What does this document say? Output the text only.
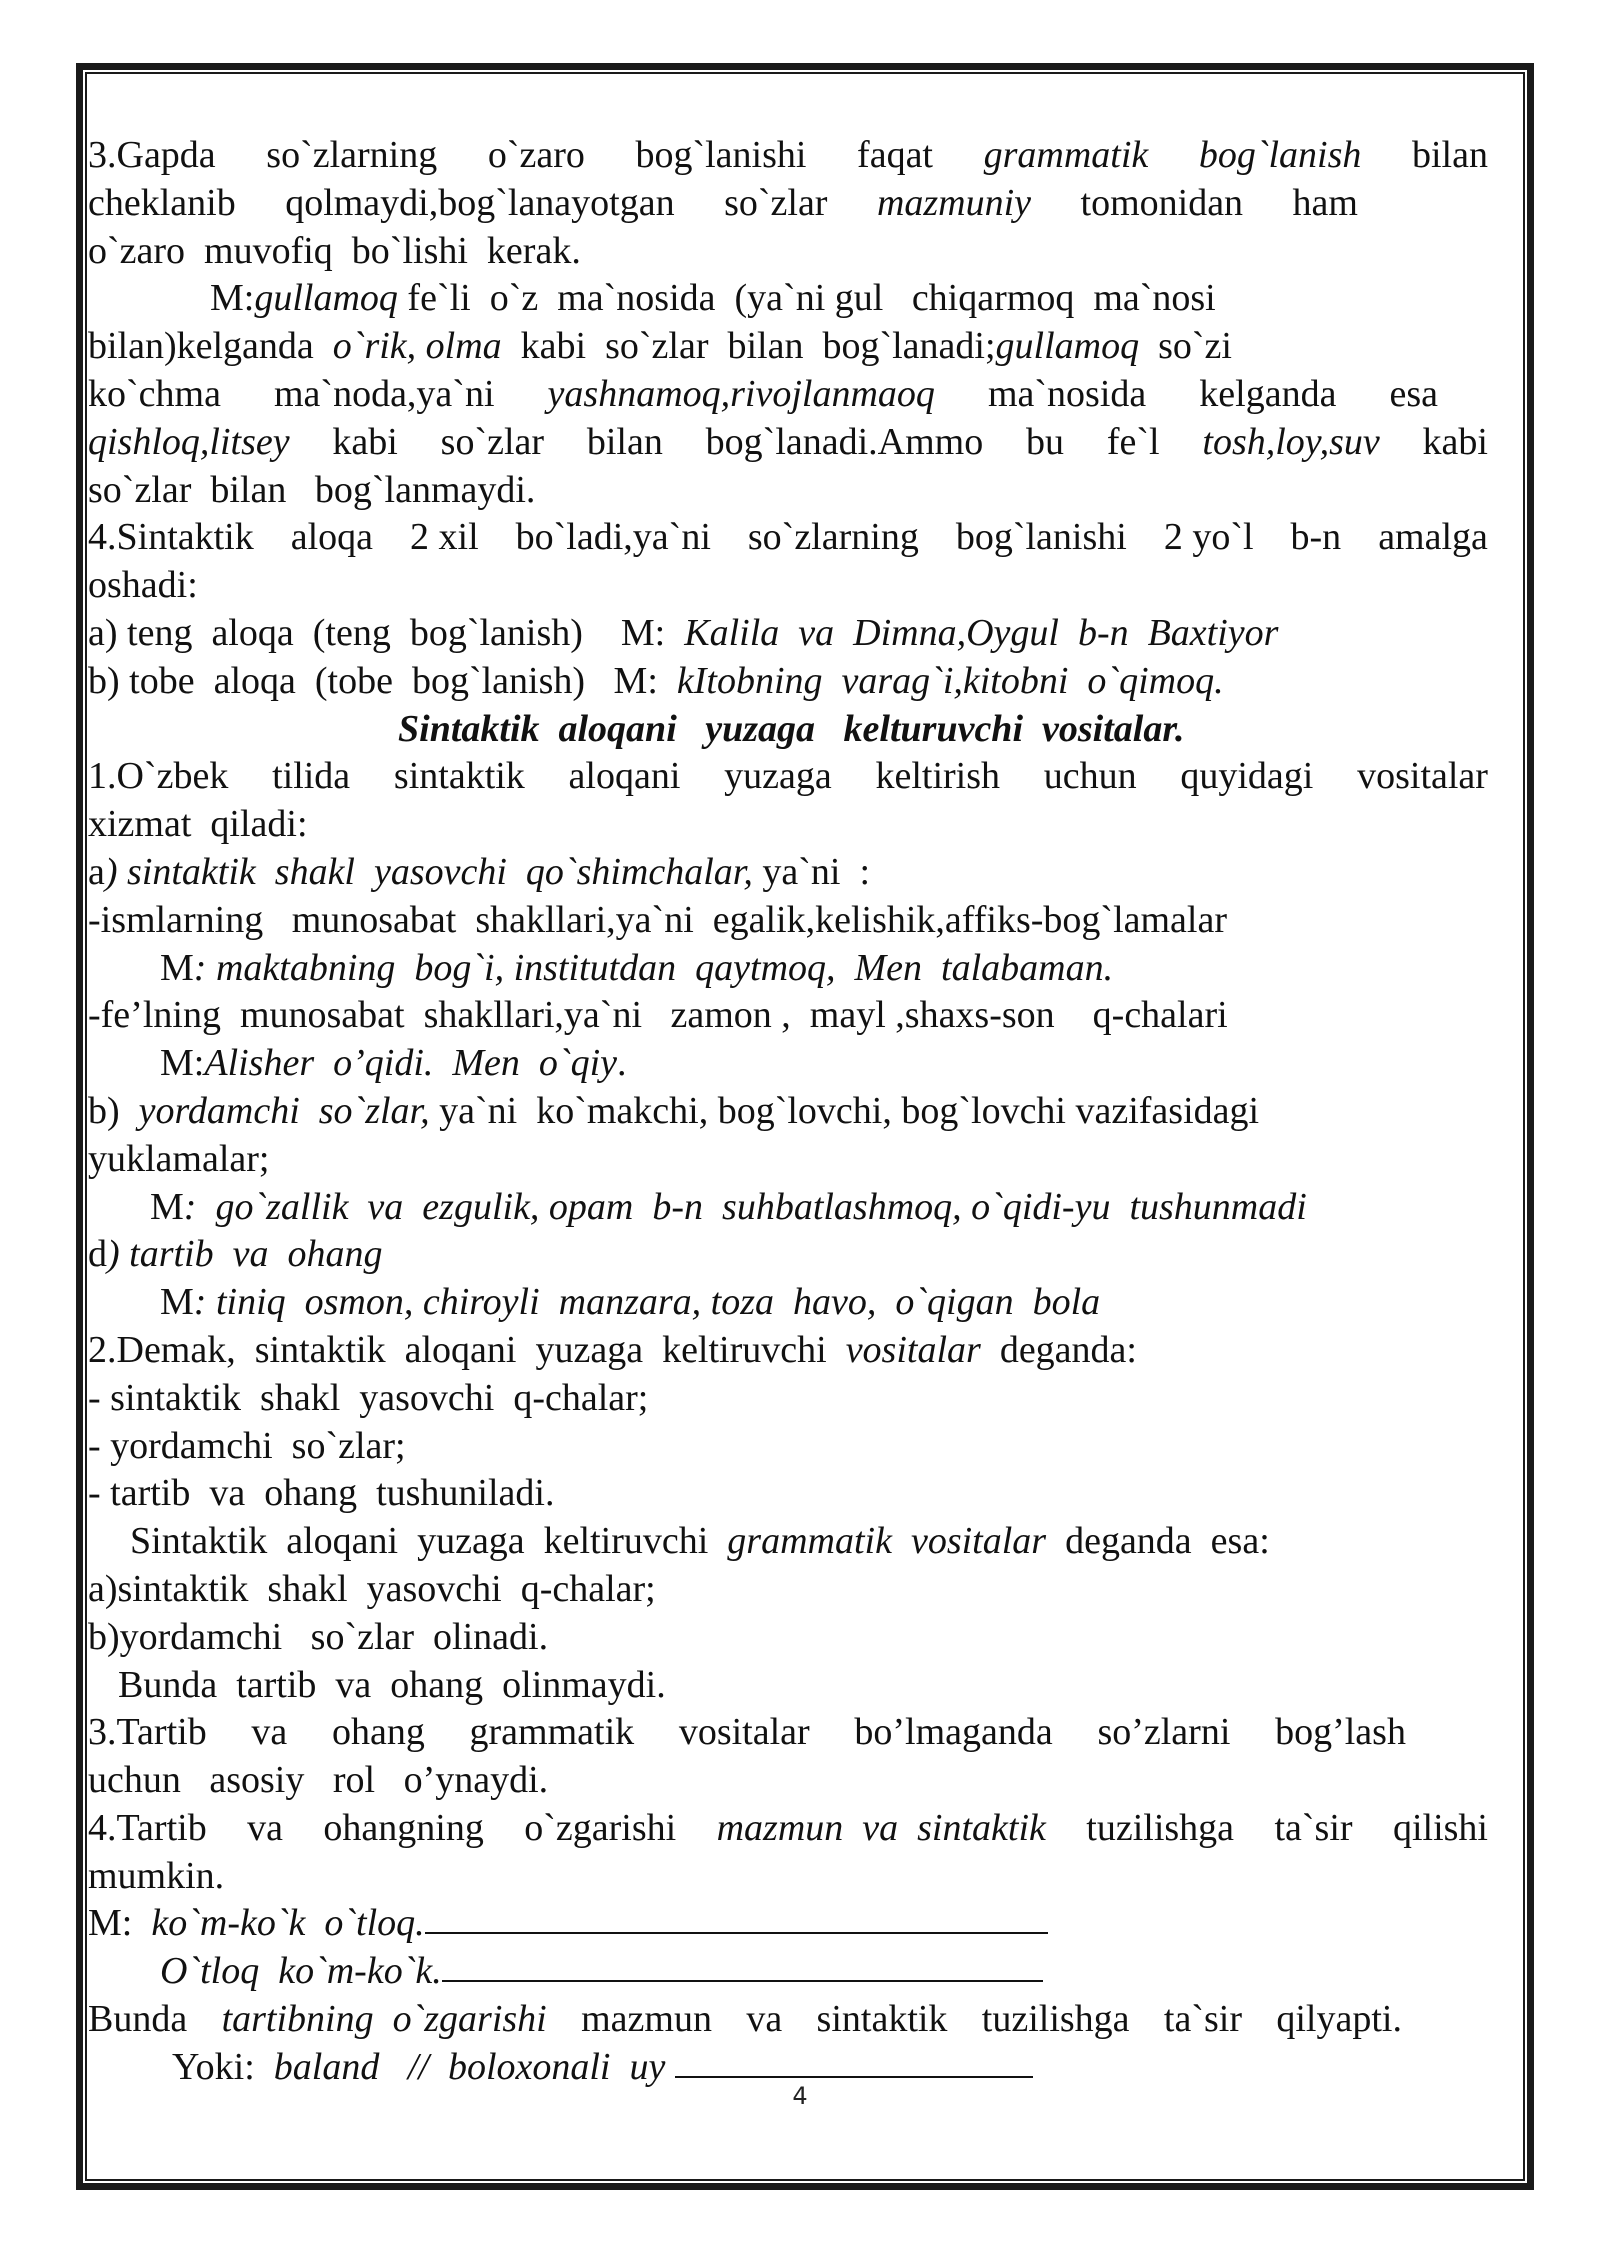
3.Gapda so`zlarning o`zaro bog`lanishi faqat grammatik bog`lanish bilan
cheklanib qolmaydi,bog`lanayotgan so`zlar mazmuniy tomonidan ham
o`zaro  muvofiq  bo`lishi  kerak.
M: gullamoq fe`li  o`z  ma`nosida  (ya`ni gul   chiqarmoq  ma`nosi
bilan)kelganda o`rik, olma kabi  so`zlar  bilan  bog`lanadi; gullamoq so`zi
ko`chma ma`noda,ya`ni yashnamoq,rivojlanmaoq ma`nosida kelganda esa
qishloq,litsey kabi so`zlar bilan bog`lanadi.Ammo bu fe`l tosh,loy,suv kabi
so`zlar  bilan   bog`lanmaydi.
4.Sintaktik aloqa 2 xil bo`ladi,ya`ni so`zlarning bog`lanishi 2 yo`l b-n amalga
oshadi:
a) teng  aloqa  (teng  bog`lanish)    M: Kalila  va  Dimna,Oygul  b-n  Baxtiyor
b) tobe  aloqa  (tobe  bog`lanish)   M: kItobning  varag`i,kitobni  o`qimoq.
Sintaktik  aloqani   yuzaga   kelturuvchi  vositalar.
1.O`zbek tilida sintaktik aloqani yuzaga keltirish uchun quyidagi vositalar
xizmat  qiladi:
a ) sintaktik  shakl  yasovchi  qo`shimchalar, ya`ni  :
-ismlarning   munosabat  shakllari,ya`ni  egalik,kelishik,affiks-bog`lamalar
M : maktabning  bog`i, institutdan  qaytmoq,  Men  talabaman.
-fe’lning  munosabat  shakllari,ya`ni   zamon ,  mayl ,shaxs-son    q-chalari
M: Alisher  o’qidi.  Men  o`qiy .
b) yordamchi  so`zlar, ya`ni  ko`makchi, bog`lovchi, bog`lovchi vazifasidagi
yuklamalar;
M :  go`zallik  va  ezgulik, opam  b-n  suhbatlashmoq, o`qidi-yu  tushunmadi
d ) tartib  va  ohang
M : tiniq  osmon, chiroyli  manzara, toza  havo,  o`qigan  bola
2.Demak,  sintaktik  aloqani  yuzaga  keltiruvchi vositalar deganda:
- sintaktik  shakl  yasovchi  q-chalar;
- yordamchi  so`zlar;
- tartib  va  ohang  tushuniladi.
Sintaktik  aloqani  yuzaga  keltiruvchi grammatik  vositalar deganda  esa:
a)sintaktik  shakl  yasovchi  q-chalar;
b)yordamchi   so`zlar  olinadi.
Bunda  tartib  va  ohang  olinmaydi.
3.Tartib va ohang grammatik vositalar bo’lmaganda so’zlarni bog’lash
uchun   asosiy   rol   o’ynaydi.
4.Tartib va ohangning o`zgarishi mazmun  va  sintaktik tuzilishga ta`sir qilishi
mumkin.
M: ko`m-ko`k  o`tloq.
O`tloq  ko`m-ko`k.
Bunda tartibning  o`zgarishi mazmun va sintaktik tuzilishga ta`sir qilyapti.
Yoki: baland   //  boloxonali  uy

4
